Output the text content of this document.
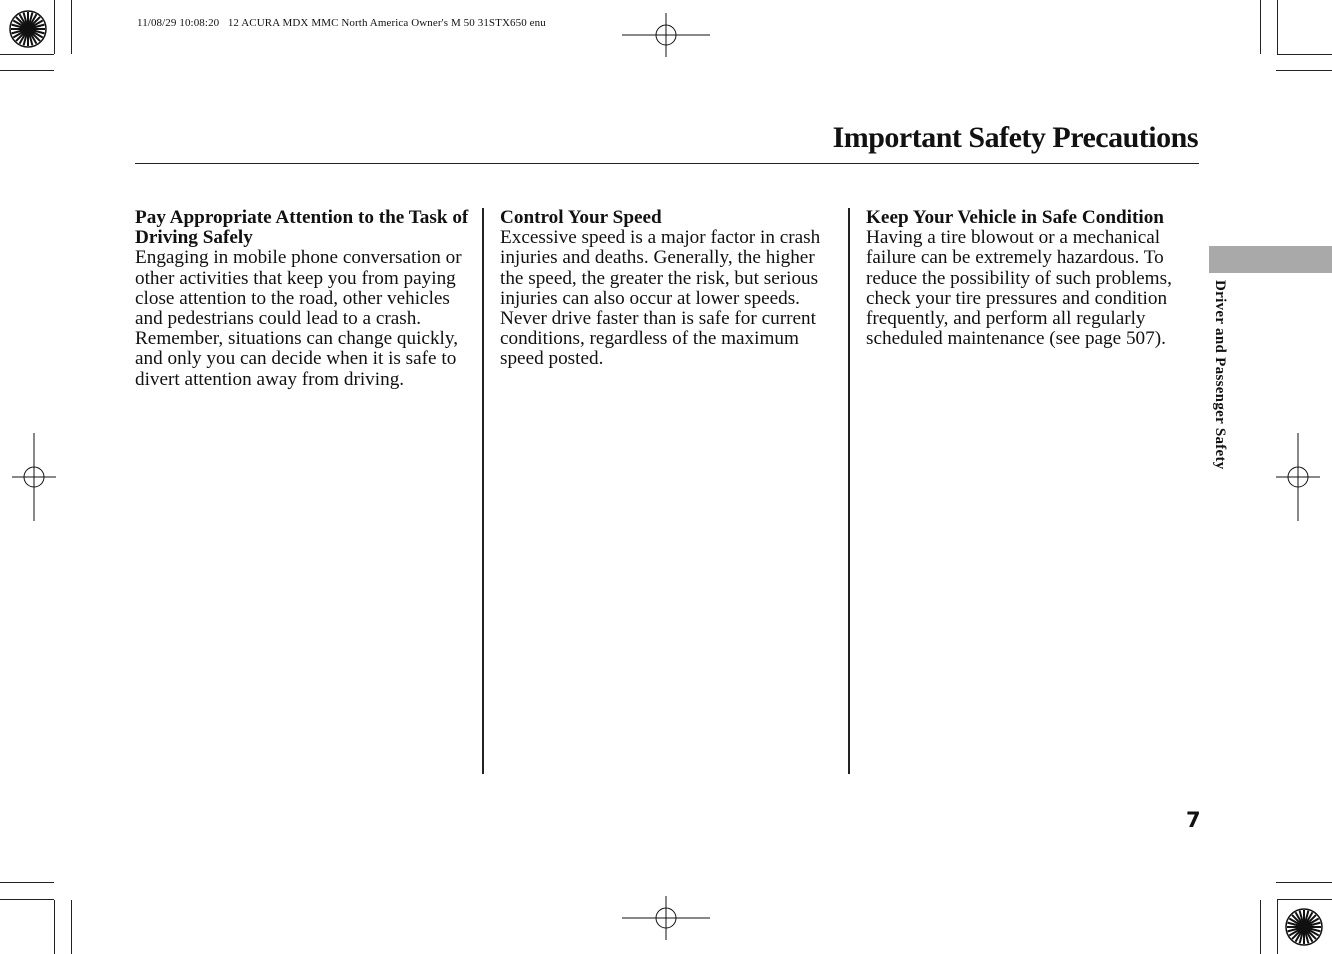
11/08/29 10:08:20   12 ACURA MDX MMC North America Owner's M 50 31STX650 enu
Important Safety Precautions
Pay Appropriate Attention to the Task of Driving Safely

Engaging in mobile phone conversation or other activities that keep you from paying close attention to the road, other vehicles and pedestrians could lead to a crash. Remember, situations can change quickly, and only you can decide when it is safe to divert attention away from driving.

Control Your Speed

Excessive speed is a major factor in crash injuries and deaths. Generally, the higher the speed, the greater the risk, but serious injuries can also occur at lower speeds. Never drive faster than is safe for current conditions, regardless of the maximum speed posted.

Keep Your Vehicle in Safe Condition

Having a tire blowout or a mechanical failure can be extremely hazardous. To reduce the possibility of such problems, check your tire pressures and condition frequently, and perform all regularly scheduled maintenance (see page 507).	Driver and Passenger Safety
7
